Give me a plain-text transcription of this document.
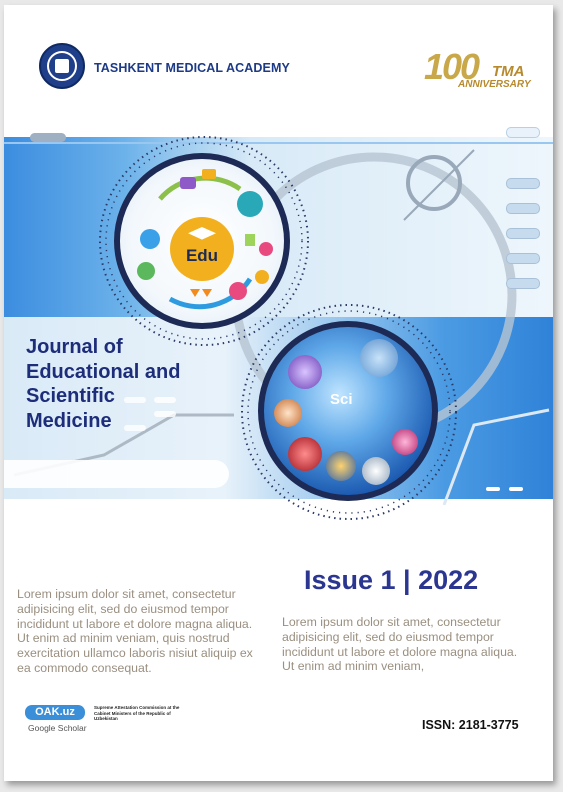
TASHKENT MEDICAL ACADEMY	100 TMA
ANNIVERSARY
Journal of
Educational and
Scientific
Medicine
Edu
Sci
Issue 1 | 2022
Lorem ipsum dolor sit amet, consectetur adipisicing elit, sed do eiusmod tempor incididunt ut labore et dolore magna aliqua. Ut enim ad minim veniam, quis nostrud exercitation ullamco laboris nisiut aliquip ex ea commodo consequat.
Lorem ipsum dolor sit amet, consectetur adipisicing elit, sed do eiusmod tempor incididunt ut labore et dolore magna aliqua. Ut enim ad minim veniam,
OAK.uz
Google Scholar
Supreme Attestation Commission at the Cabinet Ministers of the Republic of Uzbekistan	ISSN: 2181-3775
